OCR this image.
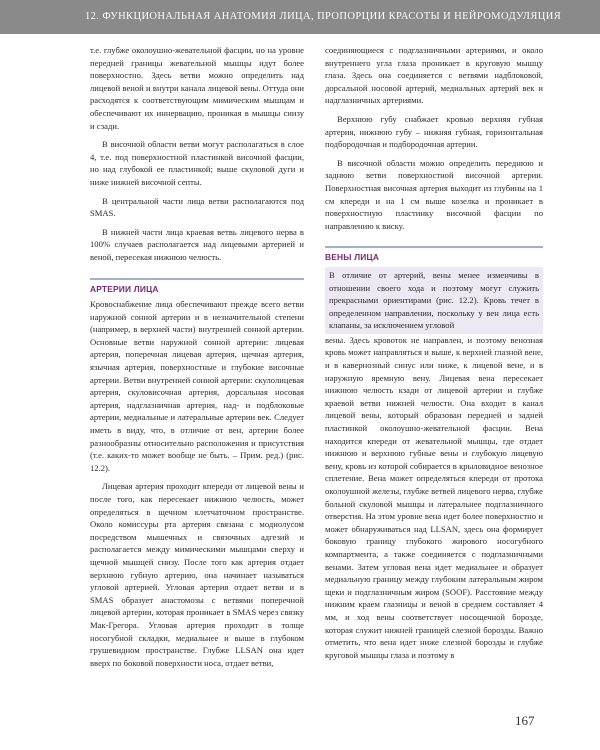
12. ФУНКЦИОНАЛЬНАЯ АНАТОМИЯ ЛИЦА, ПРОПОРЦИИ КРАСОТЫ И НЕЙРОМОДУЛЯЦИЯ

т.е. глубже околоушно-жевательной фасции, но на уровне передней границы жевательной мышцы идут более поверхностно. Здесь ветви можно определить над лицевой веной и внутри канала лицевой вены. Оттуда они расходятся к соответствующим мимическим мышцам и обеспечивают их иннервацию, проникая в мышцы снизу и сзади.

В височной области ветви могут располагаться в слое 4, т.е. под поверхностной пластинкой височной фасции, но над глубокой ее пластинкой; выше скуловой дуги и ниже нижней височной септы.

В центральной части лица ветви располагаются под SMAS.

В нижней части лица краевая ветвь лицевого нерва в 100% случаев располагается над лицевыми артерией и веной, пересекая нижнюю челюсть.

АРТЕРИИ ЛИЦА

Кровоснабжение лица обеспечивают прежде всего ветви наружной сонной артерии и в незначительной степени (например, в верхней части) внутренней сонной артерии. Основные ветви наружной сонной артерии: лицевая артерия, поперечная лицевая артерия, щечная артерия, язычная артерия, поверхностные и глубокие височные артерии. Ветви внутренней сонной артерии: скулолицевая артерия, скуловисочная артерия, дорсальная носовая артерия, надглазничная артерия, над- и подблоковые артерии, медиальные и латеральные артерии век. Следует иметь в виду, что, в отличие от вен, артерии более разнообразны относительно расположения и присутствия (т.е. каких-то может вообще не быть. – Прим. ред.) (рис. 12.2).

Лицевая артерия проходит кпереди от лицевой вены и после того, как пересекает нижнюю челюсть, может определяться в щечном клетчаточном пространстве. Около комиссуры рта артерия связана с модиолусом посредством мышечных и связочных адгезий и располагается между мимическими мышцами сверху и щечной мышцей снизу. После того как артерия отдает верхнюю губную артерию, она начинает называться угловой артерией. Угловая артерия отдает ветви и в SMAS образует анастомозы с ветвями поперечной лицевой артерии, которая проникает в SMAS через связку Мак-Грегора. Угловая артерия проходит в толще носогубной складки, медиальнее и выше в глубоком грушевидном пространстве. Глубже LLSAN она идет вверх по боковой поверхности носа, отдает ветви,

соединяющиеся с подглазничными артериями, и около внутреннего угла глаза проникает в круговую мышцу глаза. Здесь она соединяется с ветвями надблоковой, дорсальной носовой артерий, медиальных артерий век и надглазничных артериями.

Верхнюю губу снабжает кровью верхняя губная артерия, нижнюю губу – нижняя губная, горизонтальная подбородочная и подбородочная артерии.

В височной области можно определить переднюю и заднюю ветви поверхностной височной артерии. Поверхностная височная артерия выходит из глубины на 1 см кпереди и на 1 см выше козелка и проникает в поверхностную пластинку височной фасции по направлению к виску.

ВЕНЫ ЛИЦА

В отличие от артерий, вены менее изменчивы в отношении своего хода и поэтому могут служить прекрасными ориентирами (рис. 12.2). Кровь течет в определенном направлении, поскольку у вен лица есть клапаны, за исключением угловой

вены. Здесь кровоток не направлен, и поэтому венозная кровь может направляться и выше, к верхней глазной вене, и в кавернозный синус или ниже, к лицевой вене, и в наружную яремную вену. Лицевая вена пересекает нижнюю челюсть кзади от лицевой артерии и глубже краевой ветви нижней челюсти. Она входит в канал лицевой вены, который образован передней и задней пластинкой околоушно-жевательной фасции. Вена находится кпереди от жевательной мышцы, где отдает нижнюю и верхнюю губные вены и глубокую лицевую вену, кровь из которой собирается в крыловидное венозное сплетение. Вена может определяться кпереди от протока околоушной железы, глубже ветвей лицевого нерва, глубже больной скуловой мышцы и латеральнее подглазничного отверстия. На этом уровне вена идет более поверхностно и может обнаруживаться над LLSAN, здесь она формирует боковую границу глубокого жирового носогубного компартмента, а также соединяется с подглазничными венами. Затем угловая вена идет медиальнее и образует медиальную границу между глубоким латеральным жиром щеки и подглазничным жиром (SOOF). Расстояние между нижним краем глазницы и веной в среднем составляет 4 мм, и ход вены соответствует носощечной борозде, которая служит нижней границей слезной борозды. Важно отметить, что вена идет ниже слезной борозды и глубже круговой мышцы глаза и поэтому в

167
